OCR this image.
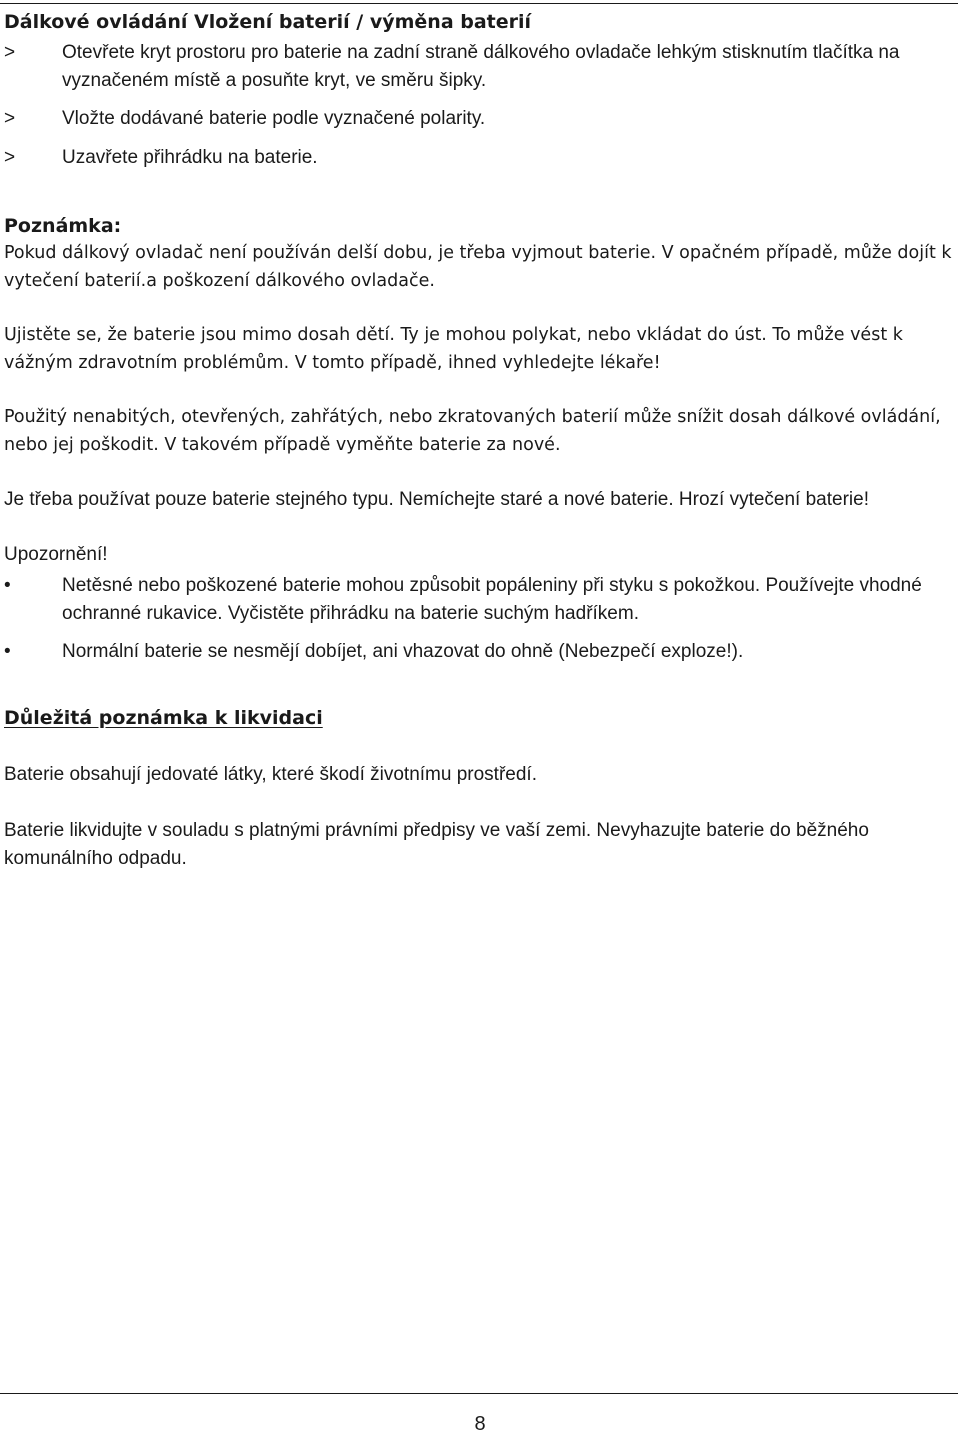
Dálkové ovládání Vložení baterií / výměna baterií
>	Otevřete kryt prostoru pro baterie na zadní straně dálkového ovladače lehkým stisknutím tlačítka na vyznačeném místě a posuňte kryt, ve směru šipky.
>	Vložte dodávané baterie podle vyznačené polarity.
>	Uzavřete přihrádku na baterie.
Poznámka:

Pokud dálkový ovladač není používán delší dobu, je třeba vyjmout baterie. V opačném případě, může dojít k vytečení baterií.a poškození dálkového ovladače.

Ujistěte se, že baterie jsou mimo dosah dětí. Ty je mohou polykat, nebo vkládat do úst. To může vést k vážným zdravotním problémům. V tomto případě, ihned vyhledejte lékaře!

Použitý nenabitých, otevřených, zahřátých, nebo zkratovaných baterií může snížit dosah dálkové ovládání, nebo jej poškodit. V takovém případě vyměňte baterie za nové.

Je třeba používat pouze baterie stejného typu. Nemíchejte staré a nové baterie. Hrozí vytečení baterie!

Upozornění!

•	Netěsné nebo poškozené baterie mohou způsobit popáleniny při styku s pokožkou. Používejte vhodné ochranné rukavice. Vyčistěte přihrádku na baterie suchým hadříkem.
•	Normální baterie se nesmějí dobíjet, ani vhazovat do ohně (Nebezpečí exploze!).
Důležitá poznámka k likvidaci

Baterie obsahují jedovaté látky, které škodí životnímu prostředí.

Baterie likvidujte v souladu s platnými právními předpisy ve vaší zemi. Nevyhazujte baterie do běžného komunálního odpadu.

8
